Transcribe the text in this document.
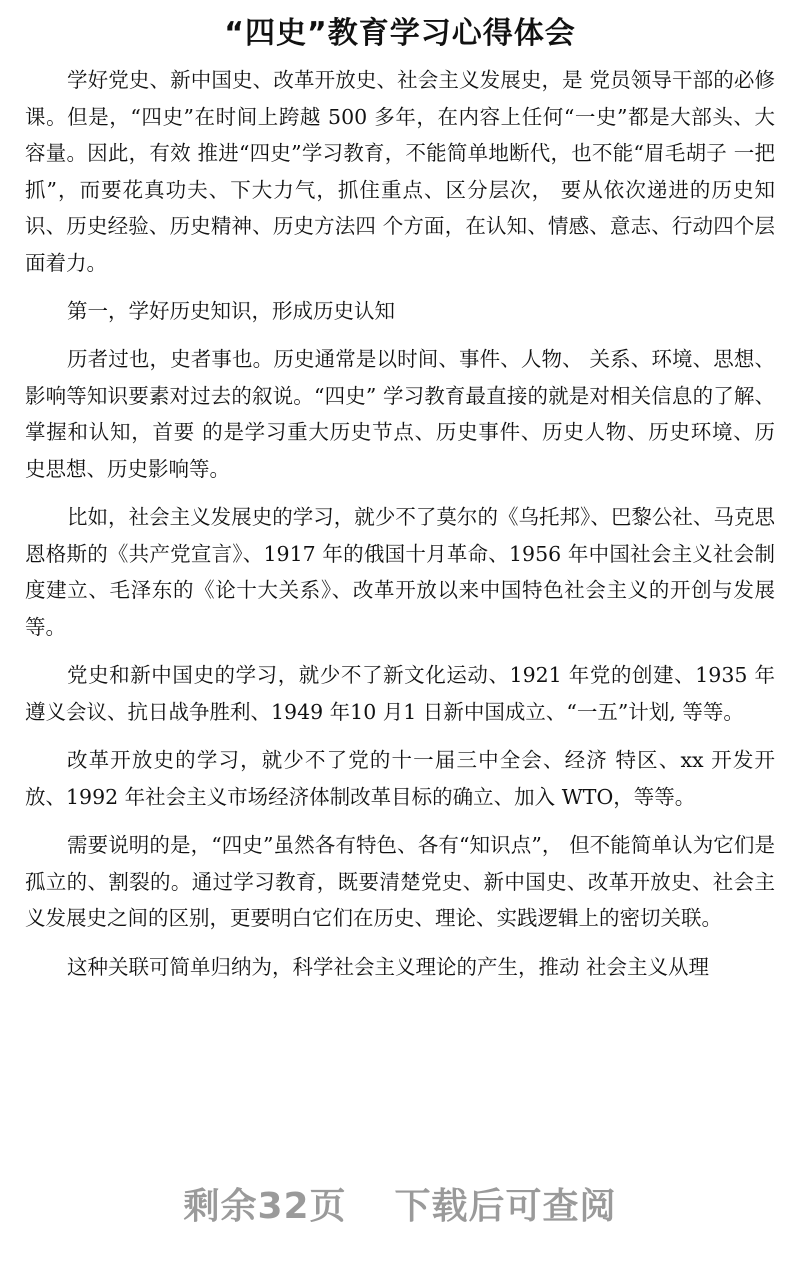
“四史”教育学习心得体会

学好党史、新中国史、改革开放史、社会主义发展史，是 党员领导干部的必修课。但是，“四史”在时间上跨越 500 多年，在内容上任何“一史”都是大部头、大容量。因此，有效 推进“四史”学习教育，不能简单地断代，也不能“眉毛胡子 一把抓”，而要花真功夫、下大力气，抓住重点、区分层次， 要从依次递进的历史知识、历史经验、历史精神、历史方法四 个方面，在认知、情感、意志、行动四个层面着力。

第一，学好历史知识，形成历史认知

历者过也，史者事也。历史通常是以时间、事件、人物、 关系、环境、思想、影响等知识要素对过去的叙说。“四史” 学习教育最直接的就是对相关信息的了解、掌握和认知，首要 的是学习重大历史节点、历史事件、历史人物、历史环境、历 史思想、历史影响等。

比如，社会主义发展史的学习，就少不了莫尔的《乌托邦》、巴黎公社、马克思恩格斯的《共产党宣言》、1917 年的俄国十月革命、1956 年中国社会主义社会制度建立、毛泽东的《论十大关系》、改革开放以来中国特色社会主义的开创与发展等。

党史和新中国史的学习，就少不了新文化运动、1921 年党的创建、1935 年遵义会议、抗日战争胜利、1949 年10 月1 日新中国成立、“一五”计划, 等等。

改革开放史的学习，就少不了党的十一届三中全会、经济 特区、xx 开发开放、1992 年社会主义市场经济体制改革目标的确立、加入 WTO，等等。

需要说明的是，“四史”虽然各有特色、各有“知识点”， 但不能简单认为它们是孤立的、割裂的。通过学习教育，既要清楚党史、新中国史、改革开放史、社会主义发展史之间的区别，更要明白它们在历史、理论、实践逻辑上的密切关联。

这种关联可简单归纳为，科学社会主义理论的产生，推动 社会主义从理

剩余32页 下载后可查阅
